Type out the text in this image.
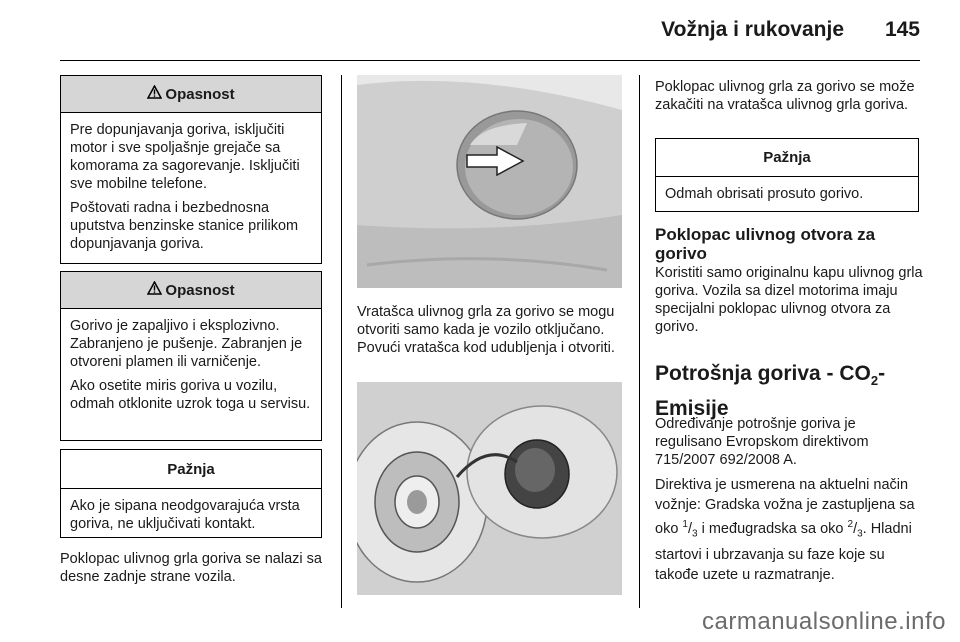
Vožnja i rukovanje 145
Opasnost

Pre dopunjavanja goriva, isključiti motor i sve spoljašnje grejače sa komorama za sagorevanje. Isključiti sve mobilne telefone.

Poštovati radna i bezbednosna uputstva benzinske stanice prilikom dopunjavanja goriva.

Opasnost

Gorivo je zapaljivo i eksplozivno. Zabranjeno je pušenje. Zabranjen je otvoreni plamen ili varničenje.

Ako osetite miris goriva u vozilu, odmah otklonite uzrok toga u servisu.

Pažnja

Ako je sipana neodgovarajuća vrsta goriva, ne uključivati kontakt.

Poklopac ulivnog grla goriva se nalazi sa desne zadnje strane vozila.

Vratašca ulivnog grla za gorivo se mogu otvoriti samo kada je vozilo otključano. Povući vratašca kod udubljenja i otvoriti.

Poklopac ulivnog grla za gorivo se može zakačiti na vratašca ulivnog grla goriva.

Pažnja

Odmah obrisati prosuto gorivo.

Poklopac ulivnog otvora za gorivo

Koristiti samo originalnu kapu ulivnog grla goriva. Vozila sa dizel motorima imaju specijalni poklopac ulivnog otvora za gorivo.

Potrošnja goriva - $CO_2-$
Emisije

Određivanje potrošnje goriva je regulisano Evropskom direktivom 715/2007 692/2008 A.

Direktiva je usmerena na aktuelni način vožnje: Gradska vožna je zastupljena sa oko $^1/_3$ i međugradska sa oko $^2/_3$. Hladni startovi i ubrzavanja su faze koje su takođe uzete u razmatranje.

carmanualsonline.info
